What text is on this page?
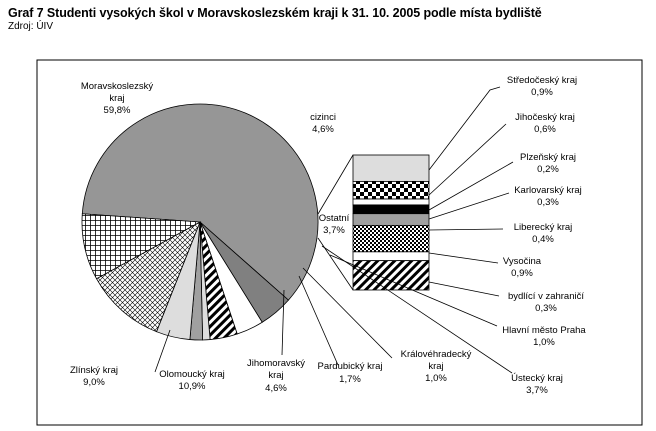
Graf 7 Studenti vysokých škol v Moravskoslezském kraji k 31. 10. 2005 podle místa bydliště
Zdroj: ÚIV
Moravskoslezský
kraj
59,8%
cizinci
4,6%
Ostatní
3,7%
Středočeský kraj
0,9%
Jihočeský kraj
0,6%
Plzeňský kraj
0,2%
Karlovarský kraj
0,3%
Liberecký kraj
0,4%
Vysočina
0,9%
bydlící v zahraničí
0,3%
Hlavní město Praha
1,0%
Ústecký kraj
3,7%
Královéhradecký
kraj
1,0%
Pardubický kraj
1,7%
Jihomoravský
kraj
4,6%
Olomoucký kraj
10,9%
Zlínský kraj
9,0%
